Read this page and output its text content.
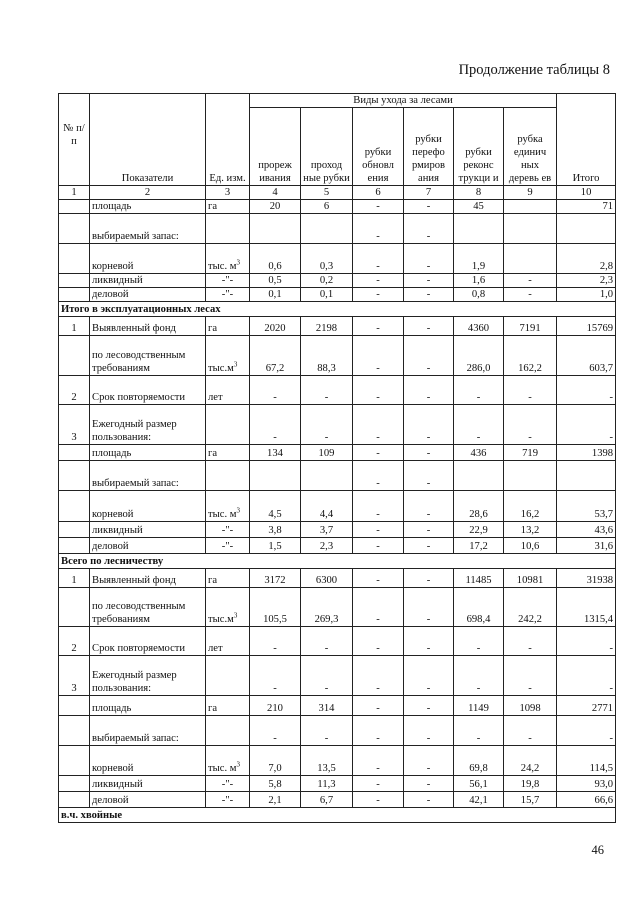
Продолжение таблицы 8
№ п/п	Показатели	Ед. изм.	Виды ухода за лесами						Итого
			прореж ивания	проход ные рубки	рубки обновл ения	рубки перефо рмиров ания	рубки реконс трукци и	рубка единич ных деревь ев	
1	2	3	4	5	6	7	8	9	10
	площадь	га	20	6	-	-	45		71
	выбираемый запас:				-	-			
	корневой	тыс. $м^3$	0,6	0,3	-	-	1,9		2,8
	ликвидный	-"-	0,5	0,2	-	-	1,6	-	2,3
	деловой	-"-	0,1	0,1	-	-	0,8	-	1,0
Итого в эксплуатационных лесах									
1	Выявленный фонд	га	2020	2198	-	-	4360	7191	15769
	по лесоводственным требованиям	$тыс.м^3$	67,2	88,3	-	-	286,0	162,2	603,7
2	Срок повторяемости	лет	-	-	-	-	-	-	-
3	Ежегодный размер пользования:		-	-	-	-	-	-	-
	площадь	га	134	109	-	-	436	719	1398
	выбираемый запас:				-	-			
	корневой	тыс. $м^3$	4,5	4,4	-	-	28,6	16,2	53,7
	ликвидный	-"-	3,8	3,7	-	-	22,9	13,2	43,6
	деловой	-"-	1,5	2,3	-	-	17,2	10,6	31,6
Всего по лесничеству									
1	Выявленный фонд	га	3172	6300	-	-	11485	10981	31938
	по лесоводственным требованиям	$тыс.м^3$	105,5	269,3	-	-	698,4	242,2	1315,4
2	Срок повторяемости	лет	-	-	-	-	-	-	-
3	Ежегодный размер пользования:		-	-	-	-	-	-	-
	площадь	га	210	314	-	-	1149	1098	2771
	выбираемый запас:		-	-	-	-	-	-	-
	корневой	тыс. $м^3$	7,0	13,5	-	-	69,8	24,2	114,5
	ликвидный	-"-	5,8	11,3	-	-	56,1	19,8	93,0
	деловой	-"-	2,1	6,7	-	-	42,1	15,7	66,6
в.ч. хвойные									
46
